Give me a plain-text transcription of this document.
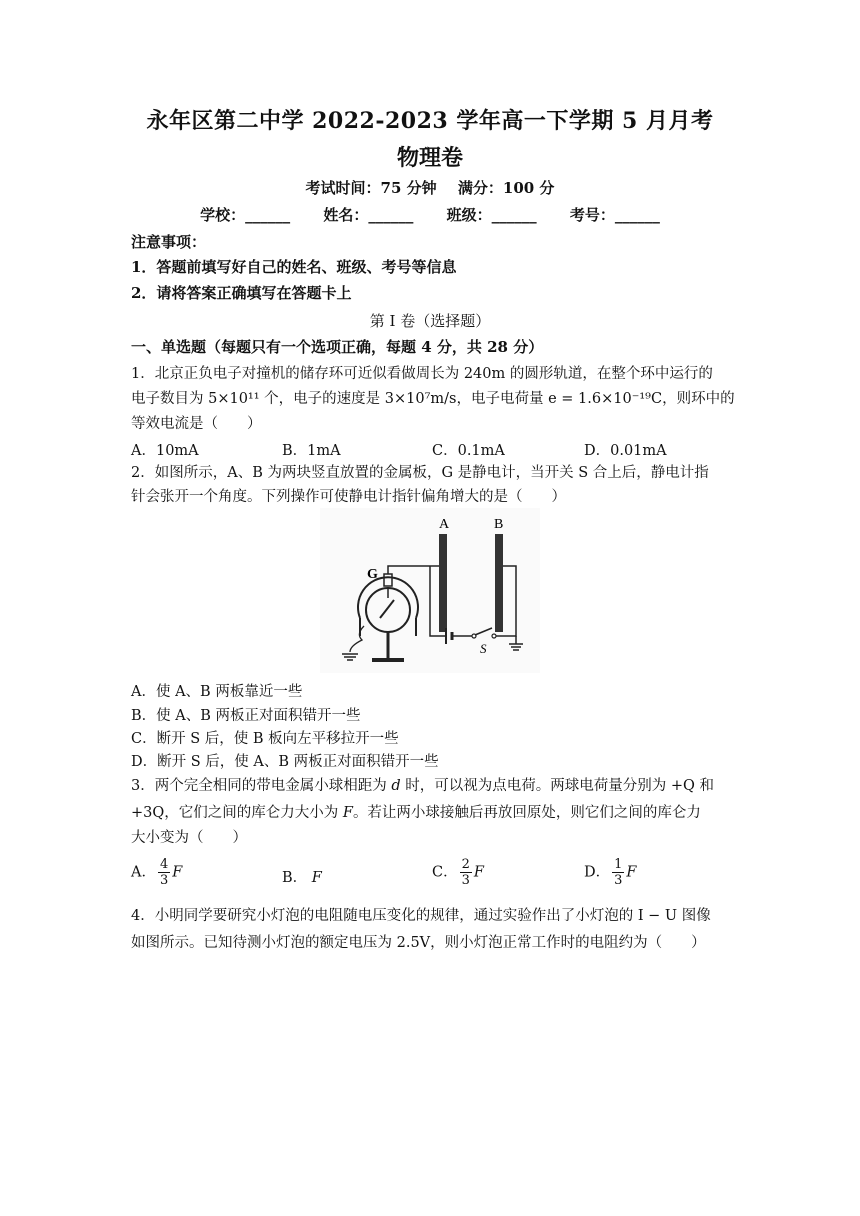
永年区第二中学 2022-2023 学年高一下学期 5 月月考
物理卷
考试时间：75 分钟 满分：100 分
学校：______ 姓名：______ 班级：______ 考号：______
注意事项：
1．答题前填写好自己的姓名、班级、考号等信息
2．请将答案正确填写在答题卡上
第 I 卷（选择题）
一、单选题（每题只有一个选项正确，每题 4 分，共 28 分）
1．北京正负电子对撞机的储存环可近似看做周长为 240m 的圆形轨道，在整个环中运行的
电子数目为 5×10¹¹ 个，电子的速度是 3×10⁷m/s，电子电荷量 e = 1.6×10⁻¹⁹C，则环中的
等效电流是（　　）
A．10mA	B．1mA	C．0.1mA	D．0.01mA
2．如图所示，A、B 为两块竖直放置的金属板，G 是静电计，当开关 S 合上后，静电计指
针会张开一个角度。下列操作可使静电计指针偏角增大的是（　　）
A	B
G
S
A．使 A、B 两板靠近一些
B．使 A、B 两板正对面积错开一些
C．断开 S 后，使 B 板向左平移拉开一些
D．断开 S 后，使 A、B 两板正对面积错开一些
3．两个完全相同的带电金属小球相距为 d 时，可以视为点电荷。两球电荷量分别为 +Q 和
+3Q，它们之间的库仑力大小为 F。若让两小球接触后再放回原处，则它们之间的库仑力
大小变为（　　）
A． $\frac{4}{3}$ F	B． F	C． $\frac{2}{3}$ F	D． $\frac{1}{3}$ F
4．小明同学要研究小灯泡的电阻随电压变化的规律，通过实验作出了小灯泡的 I − U 图像
如图所示。已知待测小灯泡的额定电压为 2.5V，则小灯泡正常工作时的电阻约为（　　）
